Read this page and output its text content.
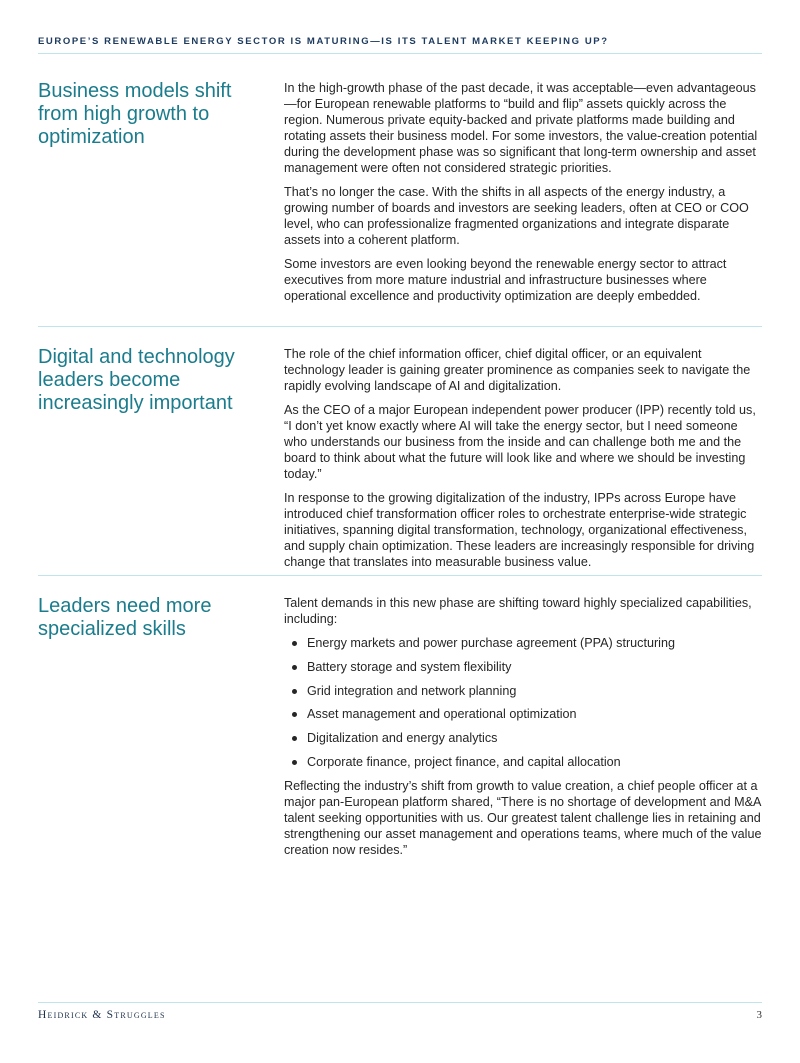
EUROPE’S RENEWABLE ENERGY SECTOR IS MATURING—IS ITS TALENT MARKET KEEPING UP?
Business models shift from high growth to optimization

In the high-growth phase of the past decade, it was acceptable—even advantageous—for European renewable platforms to “build and flip” assets quickly across the region. Numerous private equity-backed and private platforms made building and rotating assets their business model. For some investors, the value-creation potential during the development phase was so significant that long-term ownership and asset management were often not considered strategic priorities.

That’s no longer the case. With the shifts in all aspects of the energy industry, a growing number of boards and investors are seeking leaders, often at CEO or COO level, who can professionalize fragmented organizations and integrate disparate assets into a coherent platform.

Some investors are even looking beyond the renewable energy sector to attract executives from more mature industrial and infrastructure businesses where operational excellence and productivity optimization are deeply embedded.

Digital and technology leaders become increasingly important

The role of the chief information officer, chief digital officer, or an equivalent technology leader is gaining greater prominence as companies seek to navigate the rapidly evolving landscape of AI and digitalization.

As the CEO of a major European independent power producer (IPP) recently told us, “I don’t yet know exactly where AI will take the energy sector, but I need someone who understands our business from the inside and can challenge both me and the board to think about what the future will look like and where we should be investing today.”

In response to the growing digitalization of the industry, IPPs across Europe have introduced chief transformation officer roles to orchestrate enterprise-wide strategic initiatives, spanning digital transformation, technology, organizational effectiveness, and supply chain optimization. These leaders are increasingly responsible for driving change that translates into measurable business value.

Leaders need more specialized skills

Talent demands in this new phase are shifting toward highly specialized capabilities, including:

Energy markets and power purchase agreement (PPA) structuring
Battery storage and system flexibility
Grid integration and network planning
Asset management and operational optimization
Digitalization and energy analytics
Corporate finance, project finance, and capital allocation

Reflecting the industry’s shift from growth to value creation, a chief people officer at a major pan-European platform shared, “There is no shortage of development and M&A talent seeking opportunities with us. Our greatest talent challenge lies in retaining and strengthening our asset management and operations teams, where much of the value creation now resides.”

Heidrick & Struggles	3
